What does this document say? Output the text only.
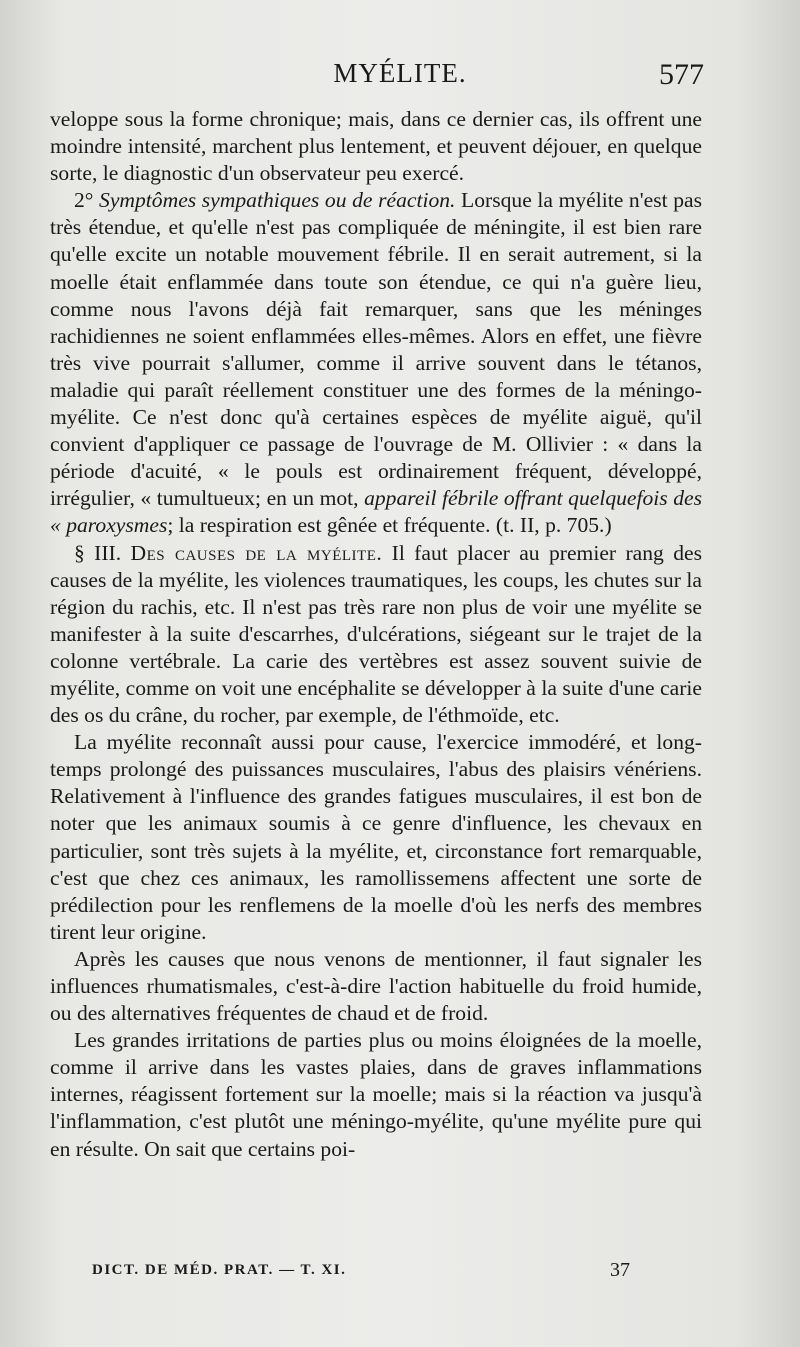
MYÉLITE.	577

veloppe sous la forme chronique; mais, dans ce dernier cas, ils offrent une moindre intensité, marchent plus lentement, et peuvent déjouer, en quelque sorte, le diagnostic d'un observateur peu exercé.

2° Symptômes sympathiques ou de réaction. Lorsque la myélite n'est pas très étendue, et qu'elle n'est pas compliquée de méningite, il est bien rare qu'elle excite un notable mouvement fébrile. Il en serait autrement, si la moelle était enflammée dans toute son étendue, ce qui n'a guère lieu, comme nous l'avons déjà fait remarquer, sans que les méninges rachidiennes ne soient enflammées elles-mêmes. Alors en effet, une fièvre très vive pourrait s'allumer, comme il arrive souvent dans le tétanos, maladie qui paraît réellement constituer une des formes de la méningo-myélite. Ce n'est donc qu'à certaines espèces de myélite aiguë, qu'il convient d'appliquer ce passage de l'ouvrage de M. Ollivier : « dans la période d'acuité, « le pouls est ordinairement fréquent, développé, irrégulier, « tumultueux; en un mot, appareil fébrile offrant quelquefois des « paroxysmes; la respiration est gênée et fréquente. (t. II, p. 705.)

§ III. Des causes de la myélite. Il faut placer au premier rang des causes de la myélite, les violences traumatiques, les coups, les chutes sur la région du rachis, etc. Il n'est pas très rare non plus de voir une myélite se manifester à la suite d'escarrhes, d'ulcérations, siégeant sur le trajet de la colonne vertébrale. La carie des vertèbres est assez souvent suivie de myélite, comme on voit une encéphalite se développer à la suite d'une carie des os du crâne, du rocher, par exemple, de l'éthmoïde, etc.

La myélite reconnaît aussi pour cause, l'exercice immodéré, et long-temps prolongé des puissances musculaires, l'abus des plaisirs vénériens. Relativement à l'influence des grandes fatigues musculaires, il est bon de noter que les animaux soumis à ce genre d'influence, les chevaux en particulier, sont très sujets à la myélite, et, circonstance fort remarquable, c'est que chez ces animaux, les ramollissemens affectent une sorte de prédilection pour les renflemens de la moelle d'où les nerfs des membres tirent leur origine.

Après les causes que nous venons de mentionner, il faut signaler les influences rhumatismales, c'est-à-dire l'action habituelle du froid humide, ou des alternatives fréquentes de chaud et de froid.

Les grandes irritations de parties plus ou moins éloignées de la moelle, comme il arrive dans les vastes plaies, dans de graves inflammations internes, réagissent fortement sur la moelle; mais si la réaction va jusqu'à l'inflammation, c'est plutôt une méningo-myélite, qu'une myélite pure qui en résulte. On sait que certains poi-

DICT. DE MÉD. PRAT. — T. XI.	37
